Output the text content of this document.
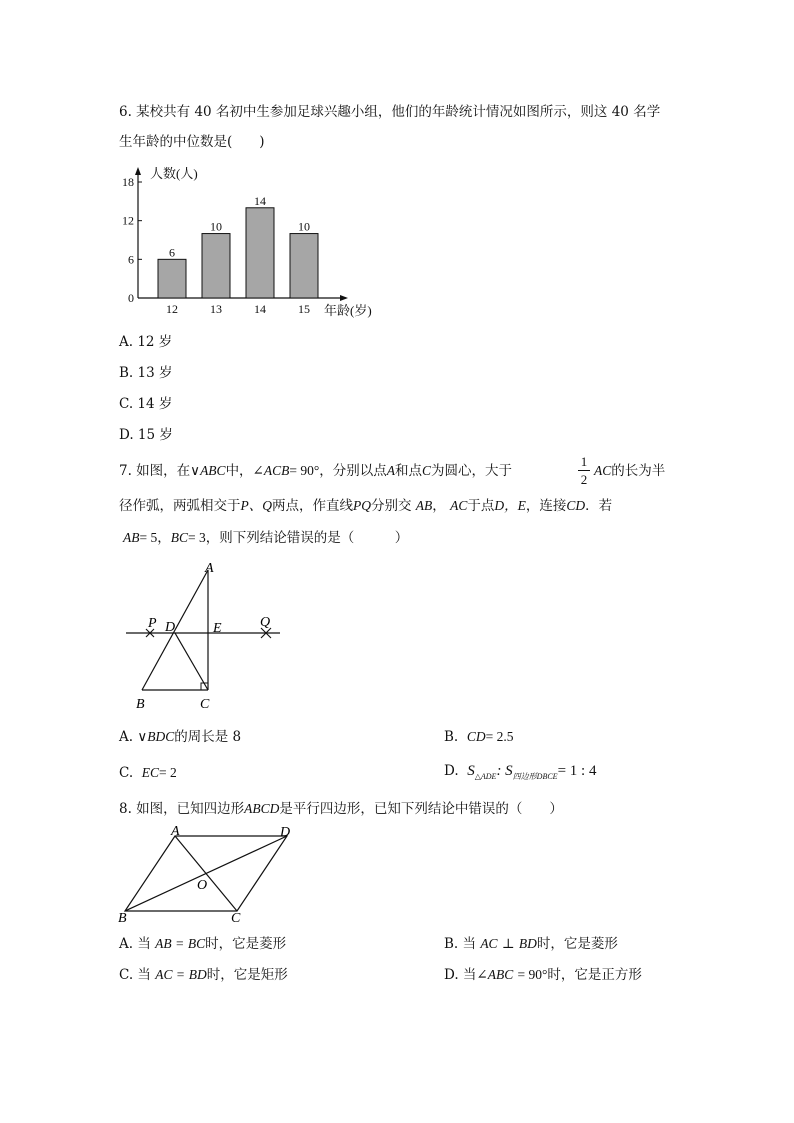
6. 某校共有 40 名初中生参加足球兴趣小组，他们的年龄统计情况如图所示，则这 40 名学
生年龄的中位数是(　　)
0
6
12
18
人数(人)
年龄(岁)
6
12
10
13
14
14
10
15
A. 12 岁
B. 13 岁
C. 14 岁
D. 15 岁
7. 如图，在∨ABC中，∠ACB= 90°，分别以点A和点C为圆心，大于
1
2
AC的长为半
径作弧，两弧相交于P、Q两点，作直线PQ分别交 AB， AC于点D，E，连接CD．若
AB= 5，BC= 3，则下列结论错误的是（　　　）
A
B	C
D	E
P	Q
A. ∨BDC的周长是 8	B. CD= 2.5
C. EC= 2	D. $S_{\triangle ADE}$: $S_{四边形DBCE}= 1$ : 4
8. 如图，已知四边形ABCD是平行四边形，已知下列结论中错误的（　　）
A	D
B	C
O
A. 当 AB = BC时，它是菱形	B. 当 AC ⊥ BD时，它是菱形
C. 当 AC = BD时，它是矩形	D. 当∠ABC = 90°时，它是正方形
